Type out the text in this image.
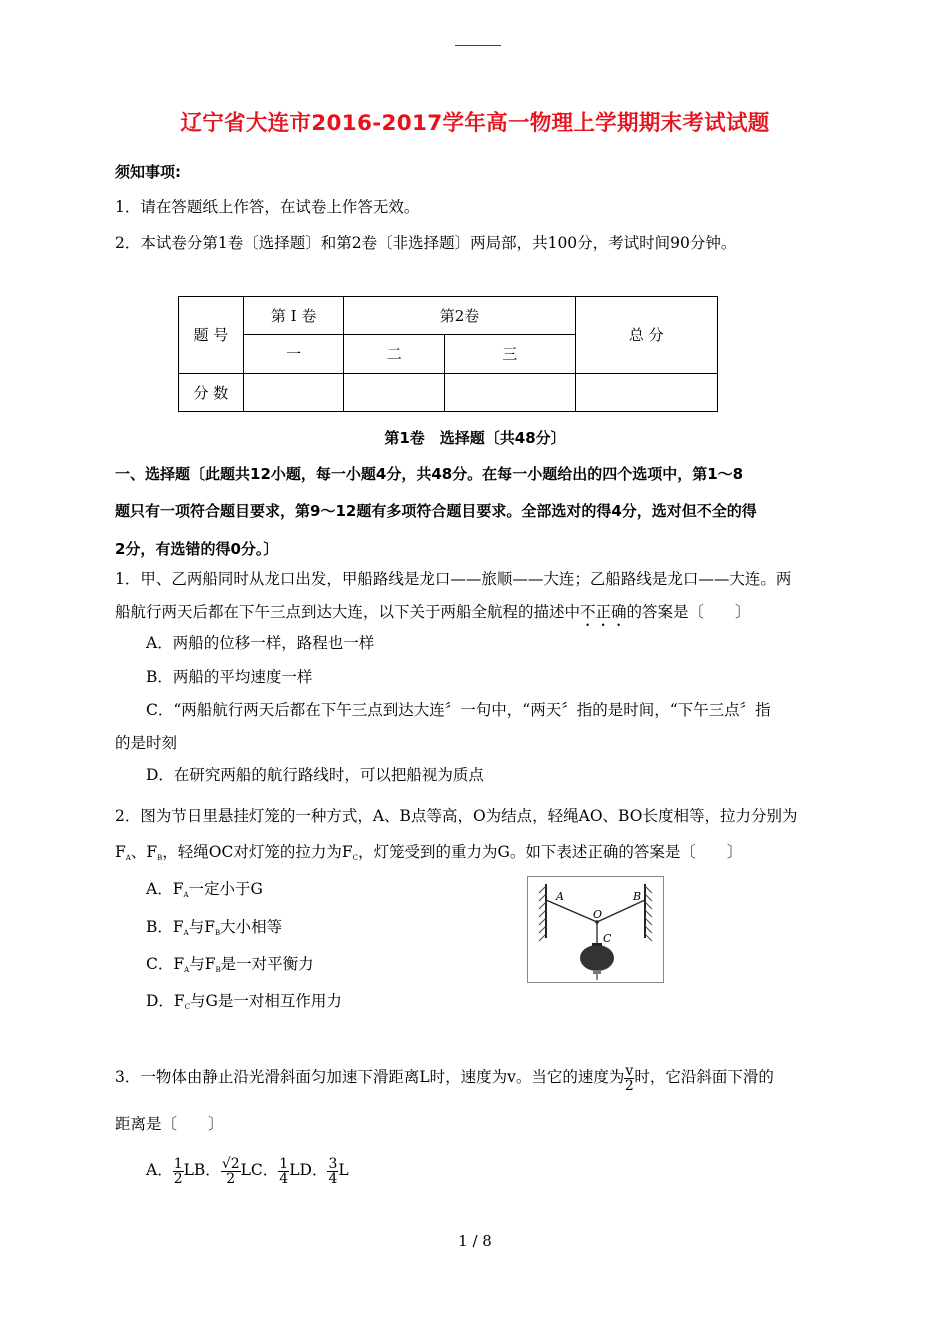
辽宁省大连市2016-2017学年高一物理上学期期末考试试题
须知事项:
1．请在答题纸上作答，在试卷上作答无效。
2．本试卷分第1卷〔选择题〕和第2卷〔非选择题〕两局部，共100分，考试时间90分钟。
题 号	第 I 卷	第2卷		总 分
	一	二	三	
分 数				
第1卷　选择题〔共48分〕
一、选择题〔此题共12小题，每一小题4分，共48分。在每一小题给出的四个选项中，第1～8
题只有一项符合题目要求，第9～12题有多项符合题目要求。全部选对的得4分，选对但不全的得
2分，有选错的得0分。〕
1．甲、乙两船同时从龙口出发，甲船路线是龙口——旅顺——大连；乙船路线是龙口——大连。两
船航行两天后都在下午三点到达大连，以下关于两船全航程的描述中不正确的答案是〔　　〕
A．两船的位移一样，路程也一样
B．两船的平均速度一样
C．“两船航行两天后都在下午三点到达大连〞一句中，“两天〞指的是时间，“下午三点〞指
的是时刻
D．在研究两船的航行路线时，可以把船视为质点
2．图为节日里悬挂灯笼的一种方式，A、B点等高，O为结点，轻绳AO、BO长度相等，拉力分别为
$F_A$、$F_B$，轻绳OC对灯笼的拉力为$F_C$，灯笼受到的重力为G。如下表述正确的答案是〔　　〕
A．$F_A$一定小于G
B．$F_A$与$F_B$大小相等
C．$F_A$与$F_B$是一对平衡力
D．$F_C$与G是一对相互作用力
A	B
O
C
3．一物体由静止沿光滑斜面匀加速下滑距离L时，速度为v。当它的速度为 $\frac{v}{2}$ 时，它沿斜面下滑的
距离是〔　　〕
A． $\frac{1}{2}$ LB． $\frac{√2}{2}$ LC． $\frac{1}{4}$ LD． $\frac{3}{4}$ L
1 / 8
